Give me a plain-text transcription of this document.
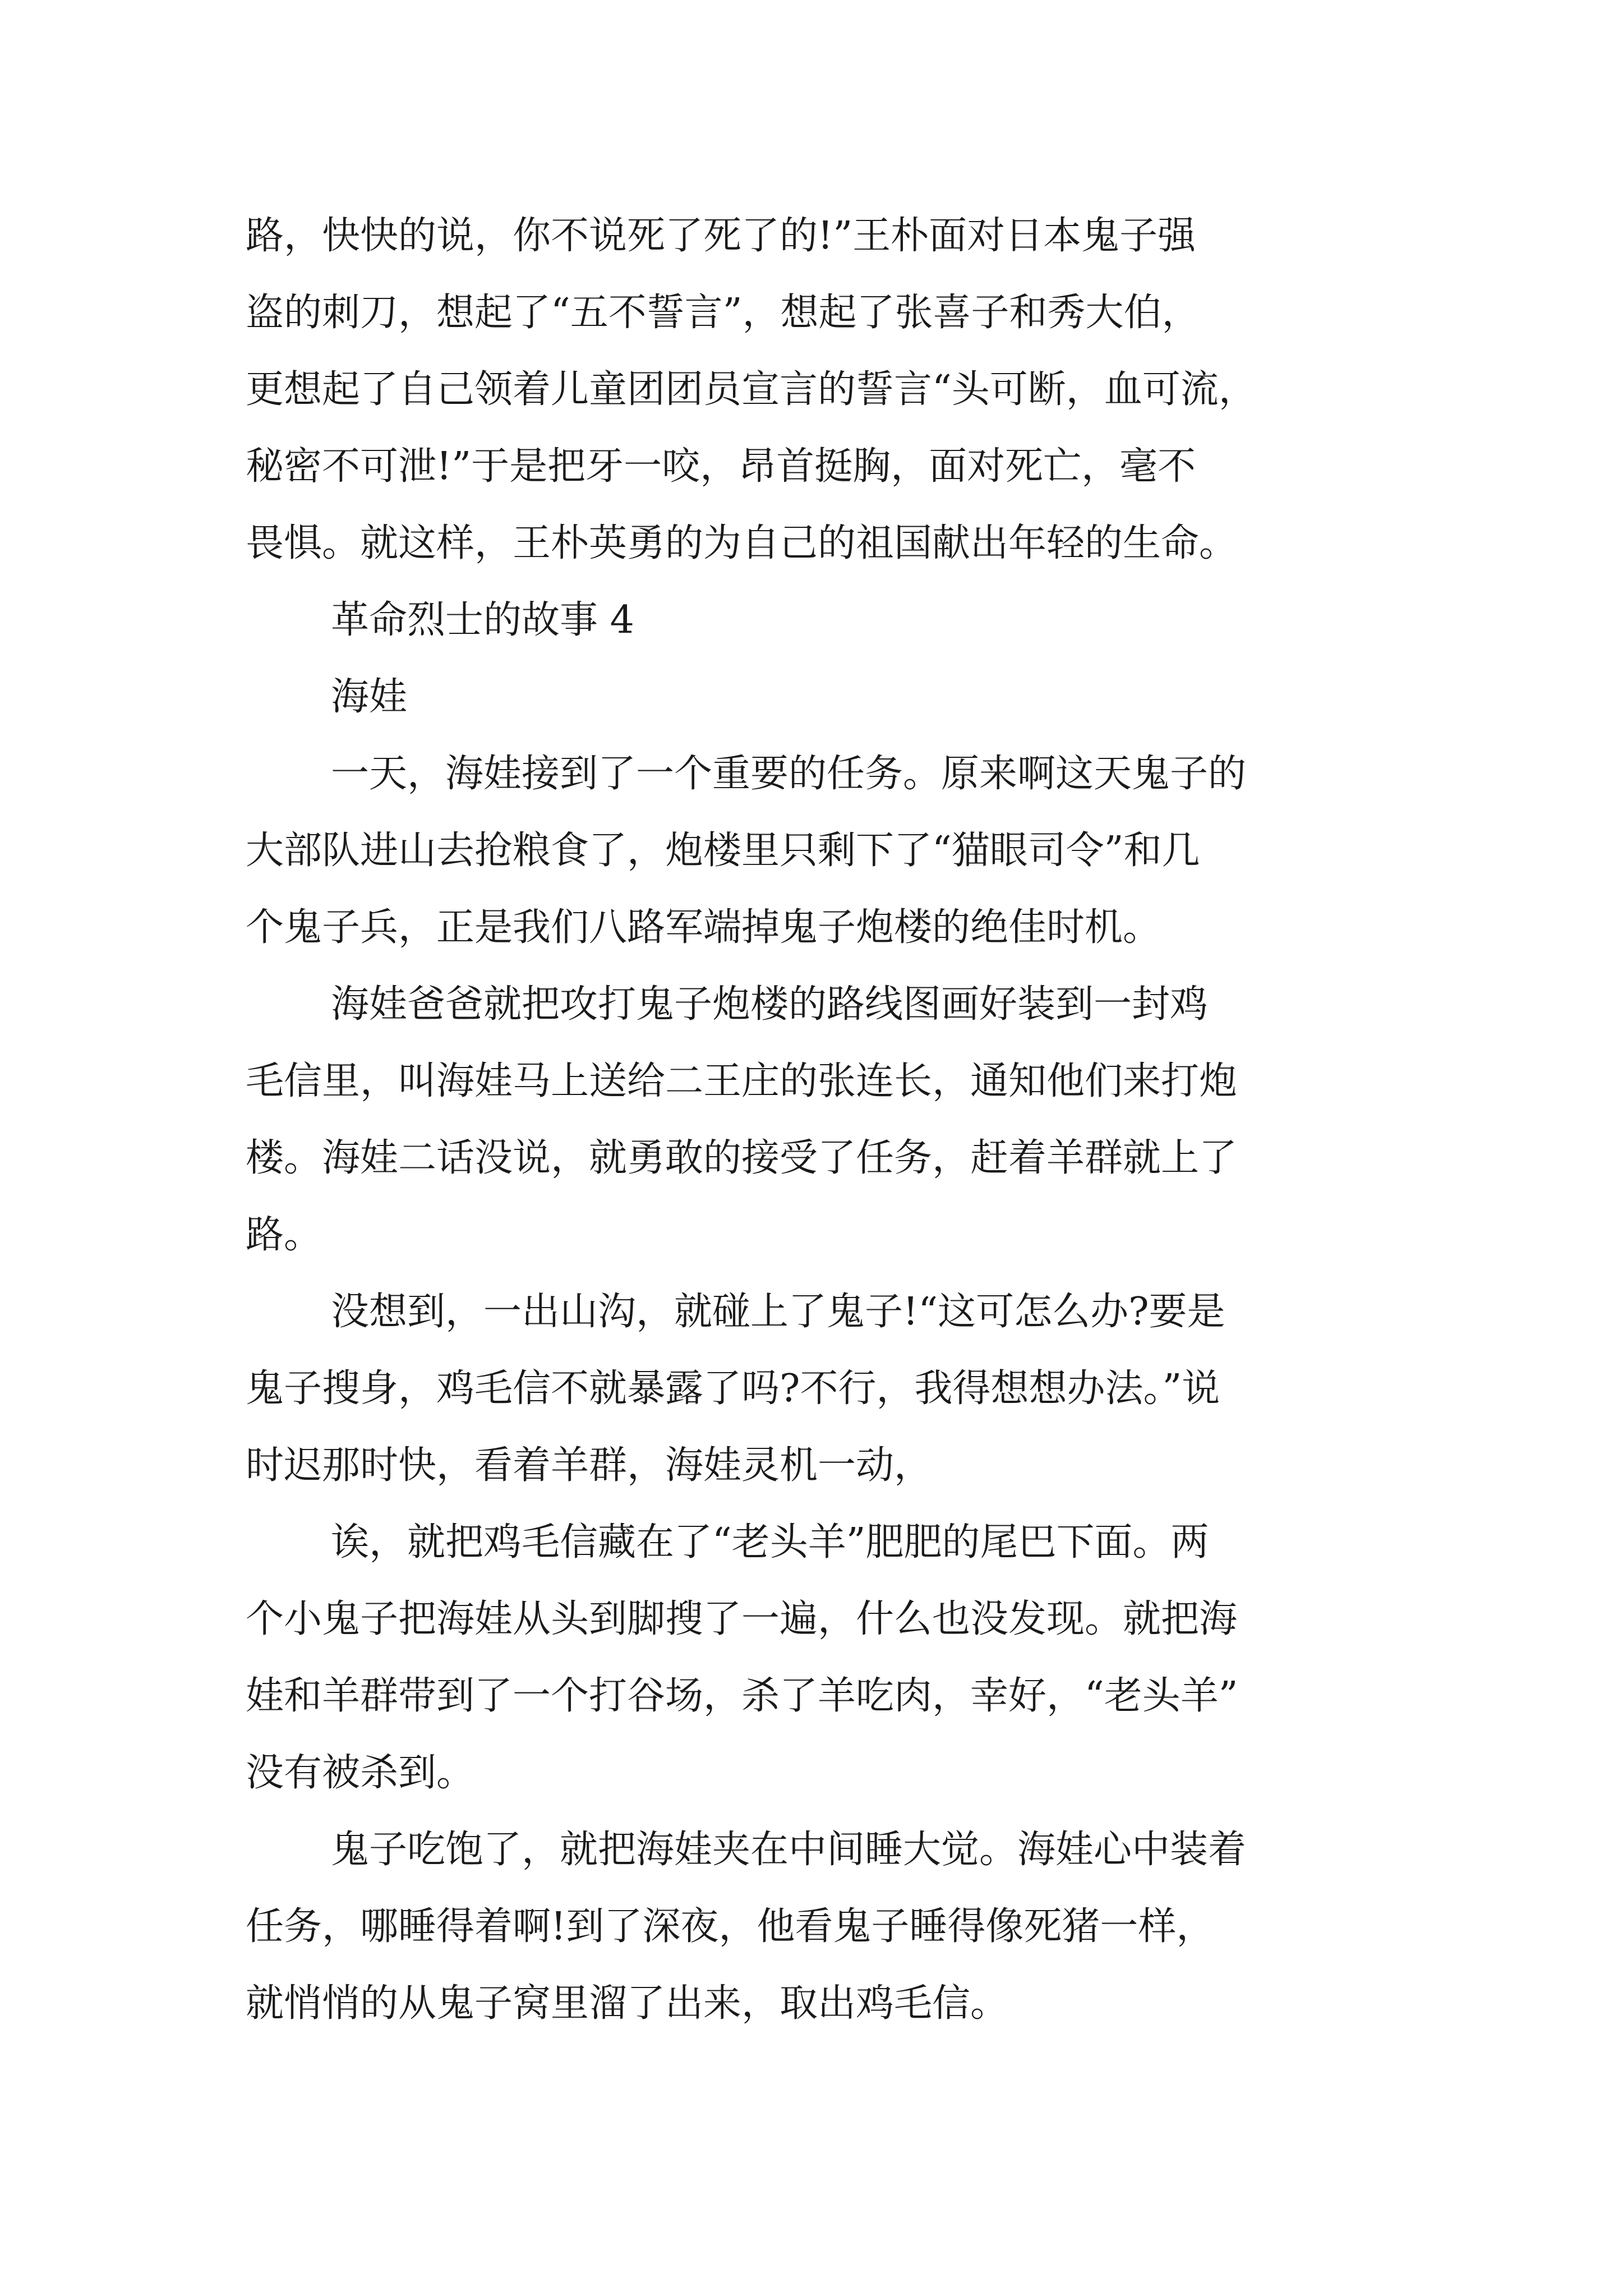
路，快快的说，你不说死了死了的!”王朴面对日本鬼子强
盗的刺刀，想起了“五不誓言”，想起了张喜子和秀大伯，
更想起了自己领着儿童团团员宣言的誓言“头可断，血可流，
秘密不可泄!”于是把牙一咬，昂首挺胸，面对死亡，毫不
畏惧。就这样，王朴英勇的为自己的祖国献出年轻的生命。
革命烈士的故事 4
海娃
一天，海娃接到了一个重要的任务。原来啊这天鬼子的
大部队进山去抢粮食了，炮楼里只剩下了“猫眼司令”和几
个鬼子兵，正是我们八路军端掉鬼子炮楼的绝佳时机。
海娃爸爸就把攻打鬼子炮楼的路线图画好装到一封鸡
毛信里，叫海娃马上送给二王庄的张连长，通知他们来打炮
楼。海娃二话没说，就勇敢的接受了任务，赶着羊群就上了
路。
没想到，一出山沟，就碰上了鬼子!“这可怎么办?要是
鬼子搜身，鸡毛信不就暴露了吗?不行，我得想想办法。”说
时迟那时快，看着羊群，海娃灵机一动，
诶，就把鸡毛信藏在了“老头羊”肥肥的尾巴下面。两
个小鬼子把海娃从头到脚搜了一遍，什么也没发现。就把海
娃和羊群带到了一个打谷场，杀了羊吃肉，幸好，“老头羊”
没有被杀到。
鬼子吃饱了，就把海娃夹在中间睡大觉。海娃心中装着
任务，哪睡得着啊!到了深夜，他看鬼子睡得像死猪一样，
就悄悄的从鬼子窝里溜了出来，取出鸡毛信。
